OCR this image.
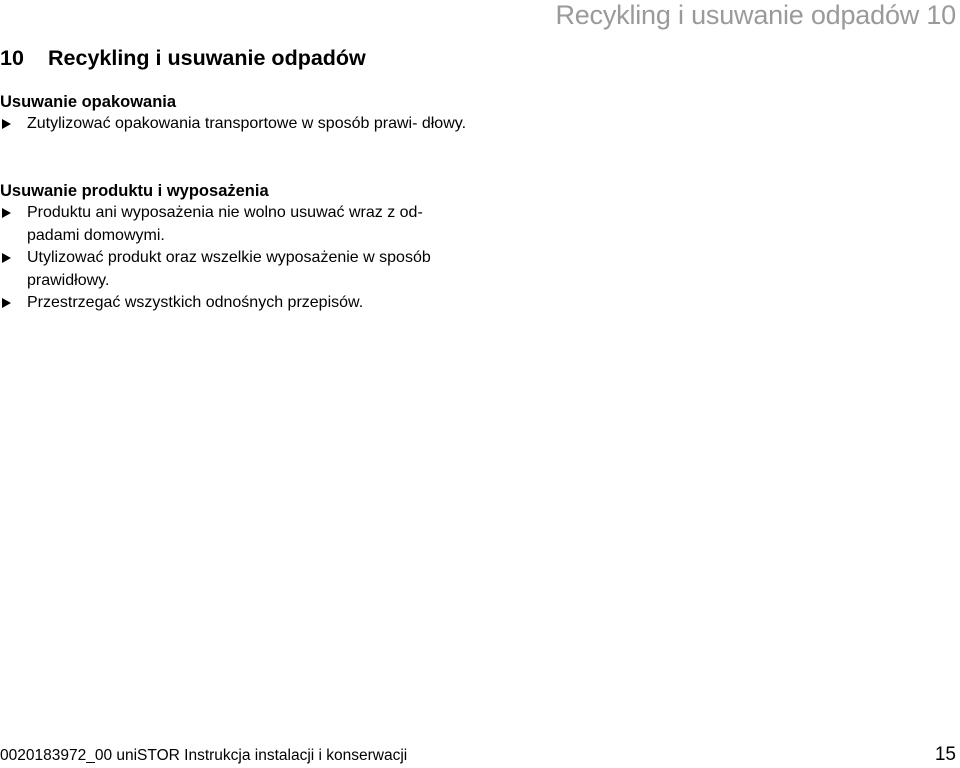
Recykling i usuwanie odpadów 10
10 Recykling i usuwanie odpadów
Usuwanie opakowania
Zutylizować opakowania transportowe w sposób prawi- dłowy.
Usuwanie produktu i wyposażenia
Produktu ani wyposażenia nie wolno usuwać wraz z od- padami domowymi.
Utylizować produkt oraz wszelkie wyposażenie w sposób prawidłowy.
Przestrzegać wszystkich odnośnych przepisów.
0020183972_00 uniSTOR Instrukcja instalacji i konserwacji	15
